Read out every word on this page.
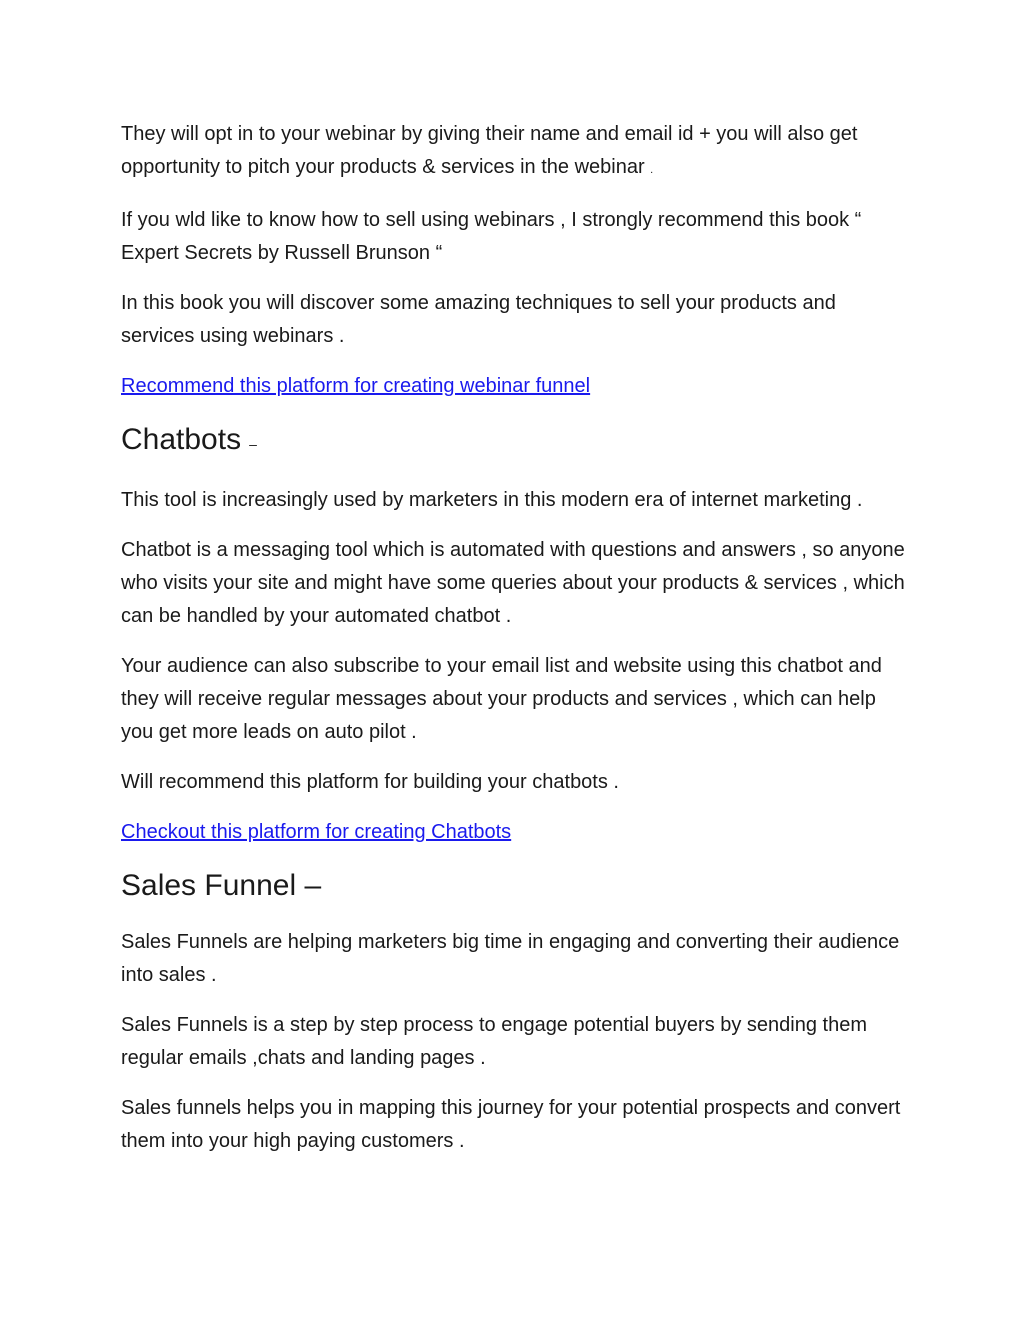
They will opt in to your webinar by giving their name and email id + you will also get opportunity to pitch your products & services in the webinar .

If you wld like to know how to sell using webinars , I strongly recommend this book “ Expert Secrets by Russell Brunson “

In this book you will discover some amazing techniques to sell your products and services using webinars .

Recommend this platform for creating webinar funnel
Chatbots –

This tool is increasingly used by marketers in this modern era of internet marketing .

Chatbot is a messaging tool which is automated with questions and answers , so anyone who visits your site and might have some queries about your products & services , which can be handled by your automated chatbot .

Your audience can also subscribe to your email list and website using this chatbot and they will receive regular messages about your products and services , which can help you get more leads on auto pilot .

Will recommend this platform for building your chatbots .

Checkout this platform for creating Chatbots
Sales Funnel –

Sales Funnels are helping marketers big time in engaging and converting their audience into sales .

Sales Funnels is a step by step process to engage potential buyers by sending them regular emails ,chats and landing pages .

Sales funnels helps you in mapping this journey for your potential prospects and convert them into your high paying customers .
